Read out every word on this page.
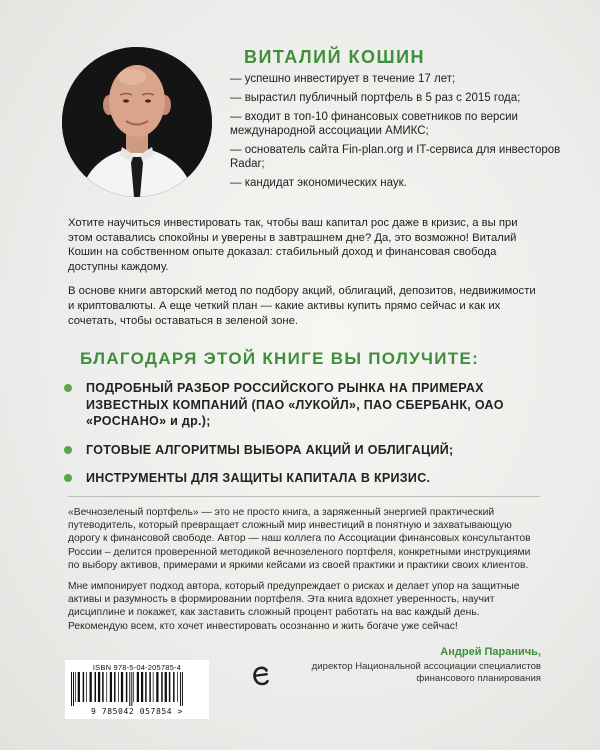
ВИТАЛИЙ КОШИН
— успешно инвестирует в течение 17 лет;
— вырастил публичный портфель в 5 раз с 2015 года;
— входит в топ-10 финансовых советников по версии международной ассоциации АМИКС;
— основатель сайта Fin-plan.org и IT-сервиса для инвесторов Radar;
— кандидат экономических наук.

Хотите научиться инвестировать так, чтобы ваш капитал рос даже в кризис, а вы при этом оставались спокойны и уверены в завтрашнем дне? Да, это возможно! Виталий Кошин на собственном опыте доказал: стабильный доход и финансовая свобода доступны каждому.

В основе книги авторский метод по подбору акций, облигаций, депозитов, недвижимости и криптовалюты. А еще четкий план — какие активы купить прямо сейчас и как их сочетать, чтобы оставаться в зеленой зоне.

БЛАГОДАРЯ ЭТОЙ КНИГЕ ВЫ ПОЛУЧИТЕ:
ПОДРОБНЫЙ РАЗБОР РОССИЙСКОГО РЫНКА НА ПРИМЕРАХ ИЗВЕСТНЫХ КОМПАНИЙ (ПАО «ЛУКОЙЛ», ПАО СБЕРБАНК, ОАО «РОСНАНО» и др.);
ГОТОВЫЕ АЛГОРИТМЫ ВЫБОРА АКЦИЙ И ОБЛИГАЦИЙ;
ИНСТРУМЕНТЫ ДЛЯ ЗАЩИТЫ КАПИТАЛА В КРИЗИС.

«Вечнозеленый портфель» — это не просто книга, а заряженный энергией практический путеводитель, который превращает сложный мир инвестиций в понятную и захватывающую дорогу к финансовой свободе. Автор — наш коллега по Ассоциации финансовых консультантов России – делится проверенной методикой вечнозеленого портфеля, конкретными инструкциями по выбору активов, примерами и яркими кейсами из своей практики и практики своих клиентов.

Мне импонирует подход автора, который предупреждает о рисках и делает упор на защитные активы и разумность в формировании портфеля. Эта книга вдохнет уверенность, научит дисциплине и покажет, как заставить сложный процент работать на вас каждый день. Рекомендую всем, кто хочет инвестировать осознанно и жить богаче уже сейчас!

Андрей Параничь,
директор Национальной ассоциации специалистов финансового планирования
ISBN 978-5-04-205785-4
9 785042 057854 >
